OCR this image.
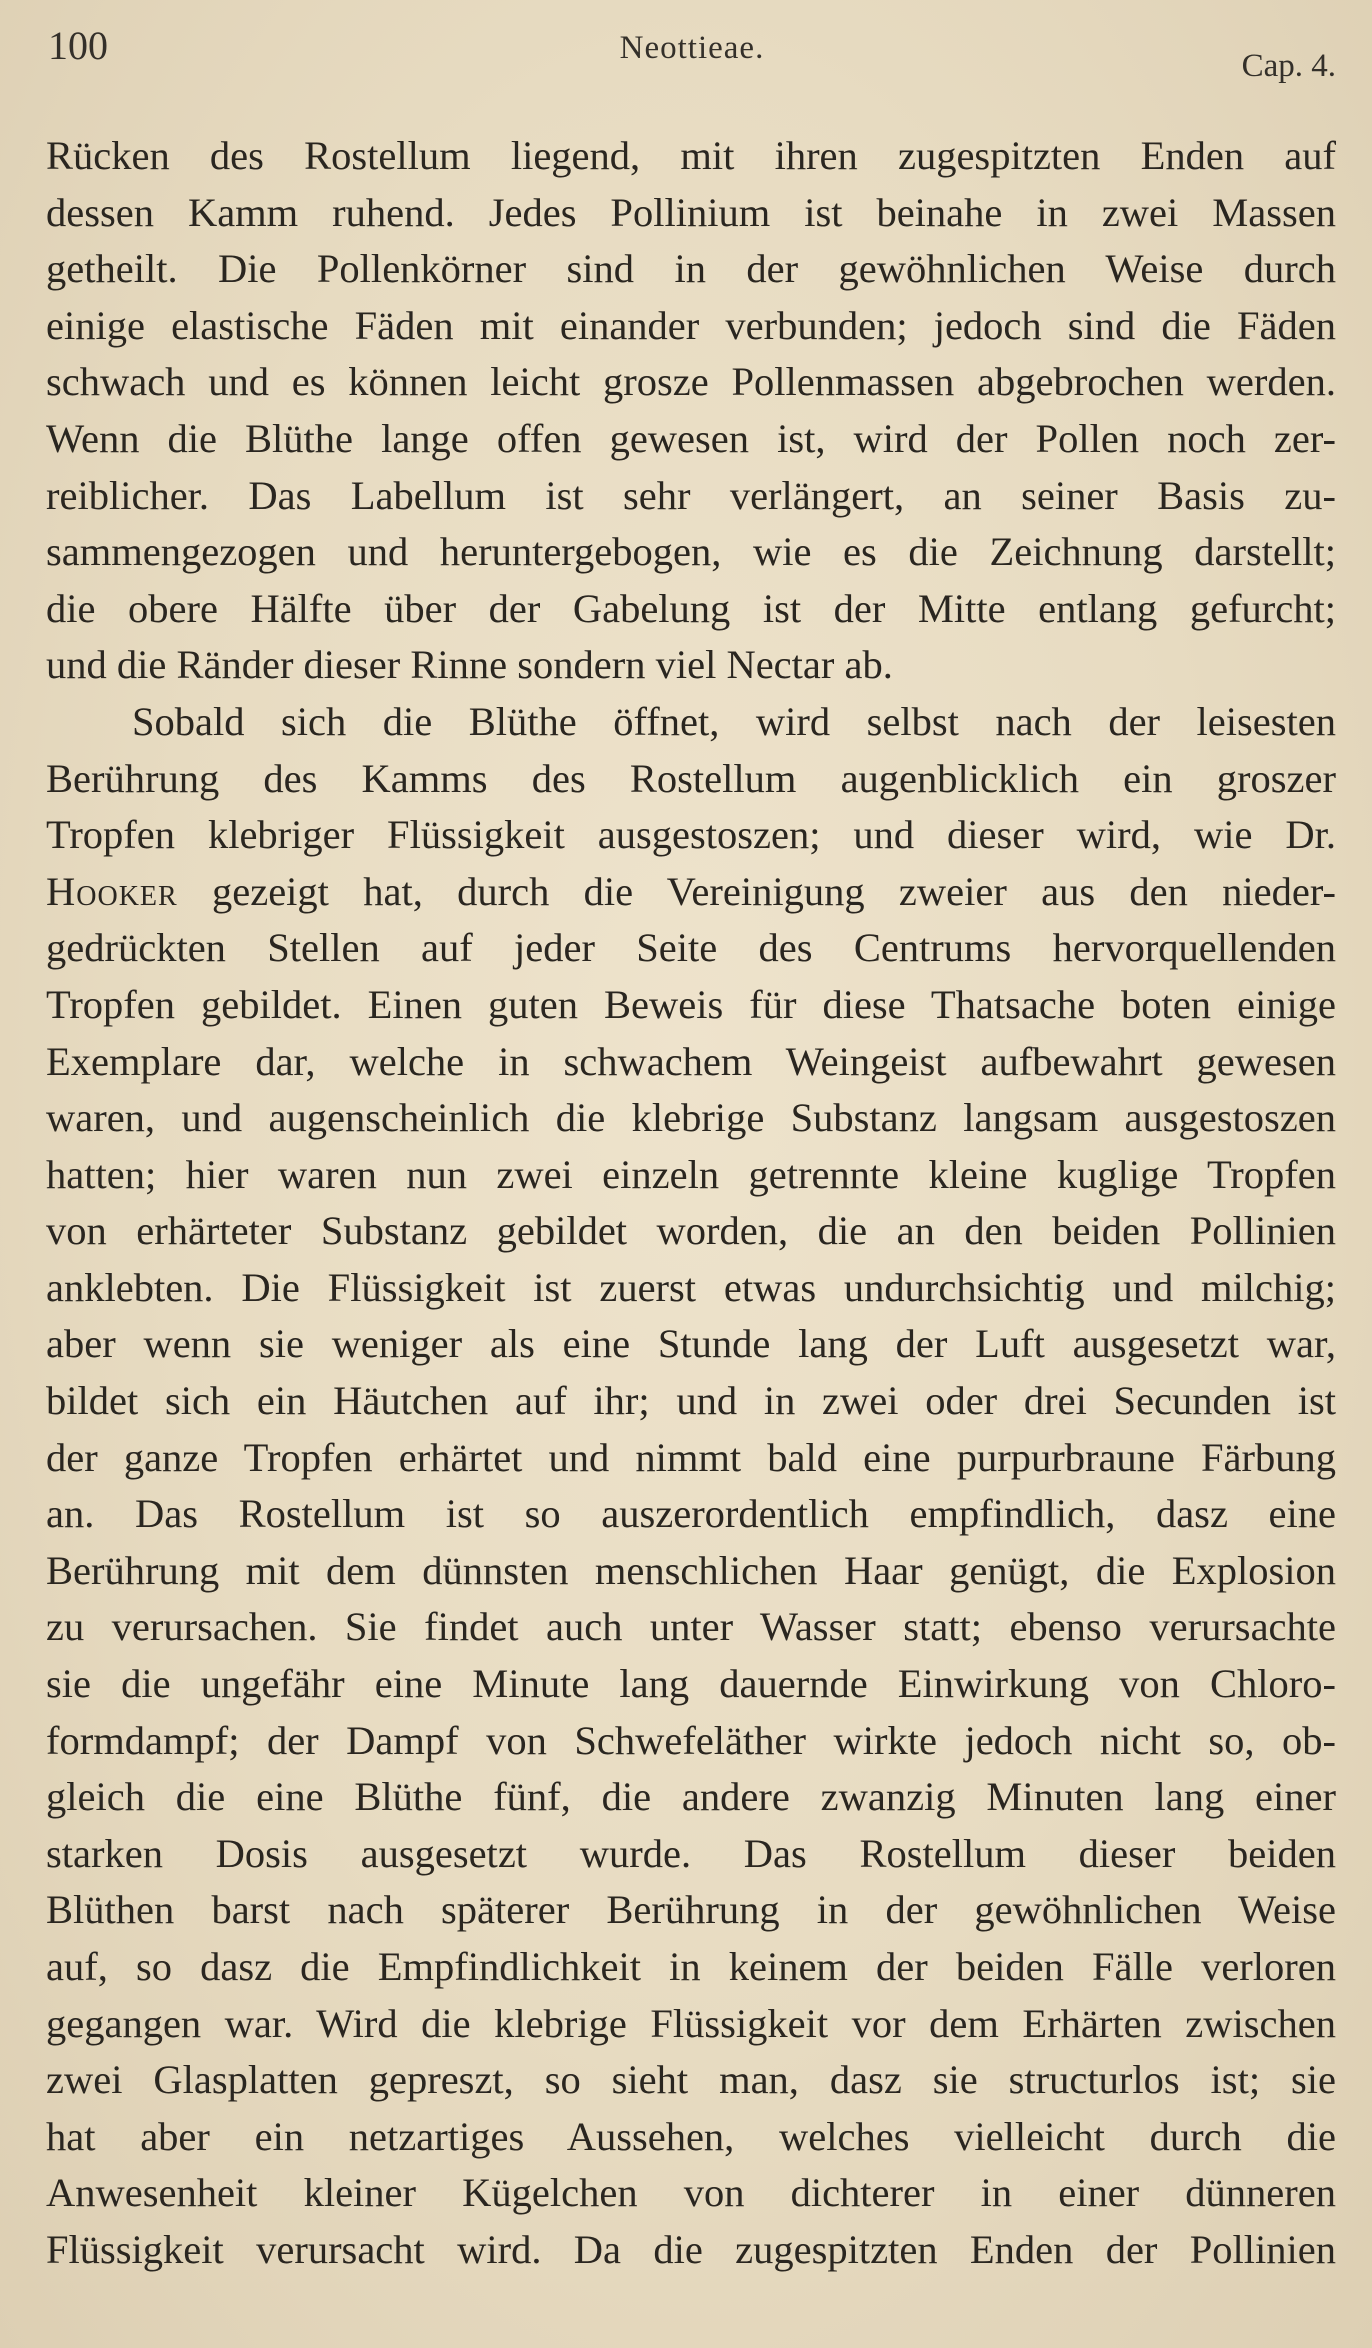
100	Neottieae.	Cap. 4.
Rücken des Rostellum liegend, mit ihren zugespitzten Enden auf
dessen Kamm ruhend. Jedes Pollinium ist beinahe in zwei Massen
getheilt. Die Pollenkörner sind in der gewöhnlichen Weise durch
einige elastische Fäden mit einander verbunden; jedoch sind die Fäden
schwach und es können leicht grosze Pollenmassen abgebrochen werden.
Wenn die Blüthe lange offen gewesen ist, wird der Pollen noch zer-
reiblicher. Das Labellum ist sehr verlängert, an seiner Basis zu-
sammengezogen und heruntergebogen, wie es die Zeichnung darstellt;
die obere Hälfte über der Gabelung ist der Mitte entlang gefurcht;
und die Ränder dieser Rinne sondern viel Nectar ab.
Sobald sich die Blüthe öffnet, wird selbst nach der leisesten
Berührung des Kamms des Rostellum augenblicklich ein groszer
Tropfen klebriger Flüssigkeit ausgestoszen; und dieser wird, wie Dr.
Hooker gezeigt hat, durch die Vereinigung zweier aus den nieder-
gedrückten Stellen auf jeder Seite des Centrums hervorquellenden
Tropfen gebildet. Einen guten Beweis für diese Thatsache boten einige
Exemplare dar, welche in schwachem Weingeist aufbewahrt gewesen
waren, und augenscheinlich die klebrige Substanz langsam ausgestoszen
hatten; hier waren nun zwei einzeln getrennte kleine kuglige Tropfen
von erhärteter Substanz gebildet worden, die an den beiden Pollinien
anklebten. Die Flüssigkeit ist zuerst etwas undurchsichtig und milchig;
aber wenn sie weniger als eine Stunde lang der Luft ausgesetzt war,
bildet sich ein Häutchen auf ihr; und in zwei oder drei Secunden ist
der ganze Tropfen erhärtet und nimmt bald eine purpurbraune Färbung
an. Das Rostellum ist so auszerordentlich empfindlich, dasz eine
Berührung mit dem dünnsten menschlichen Haar genügt, die Explosion
zu verursachen. Sie findet auch unter Wasser statt; ebenso verursachte
sie die ungefähr eine Minute lang dauernde Einwirkung von Chloro-
formdampf; der Dampf von Schwefeläther wirkte jedoch nicht so, ob-
gleich die eine Blüthe fünf, die andere zwanzig Minuten lang einer
starken Dosis ausgesetzt wurde. Das Rostellum dieser beiden
Blüthen barst nach späterer Berührung in der gewöhnlichen Weise
auf, so dasz die Empfindlichkeit in keinem der beiden Fälle verloren
gegangen war. Wird die klebrige Flüssigkeit vor dem Erhärten zwischen
zwei Glasplatten gepreszt, so sieht man, dasz sie structurlos ist; sie
hat aber ein netzartiges Aussehen, welches vielleicht durch die
Anwesenheit kleiner Kügelchen von dichterer in einer dünneren
Flüssigkeit verursacht wird. Da die zugespitzten Enden der Pollinien
